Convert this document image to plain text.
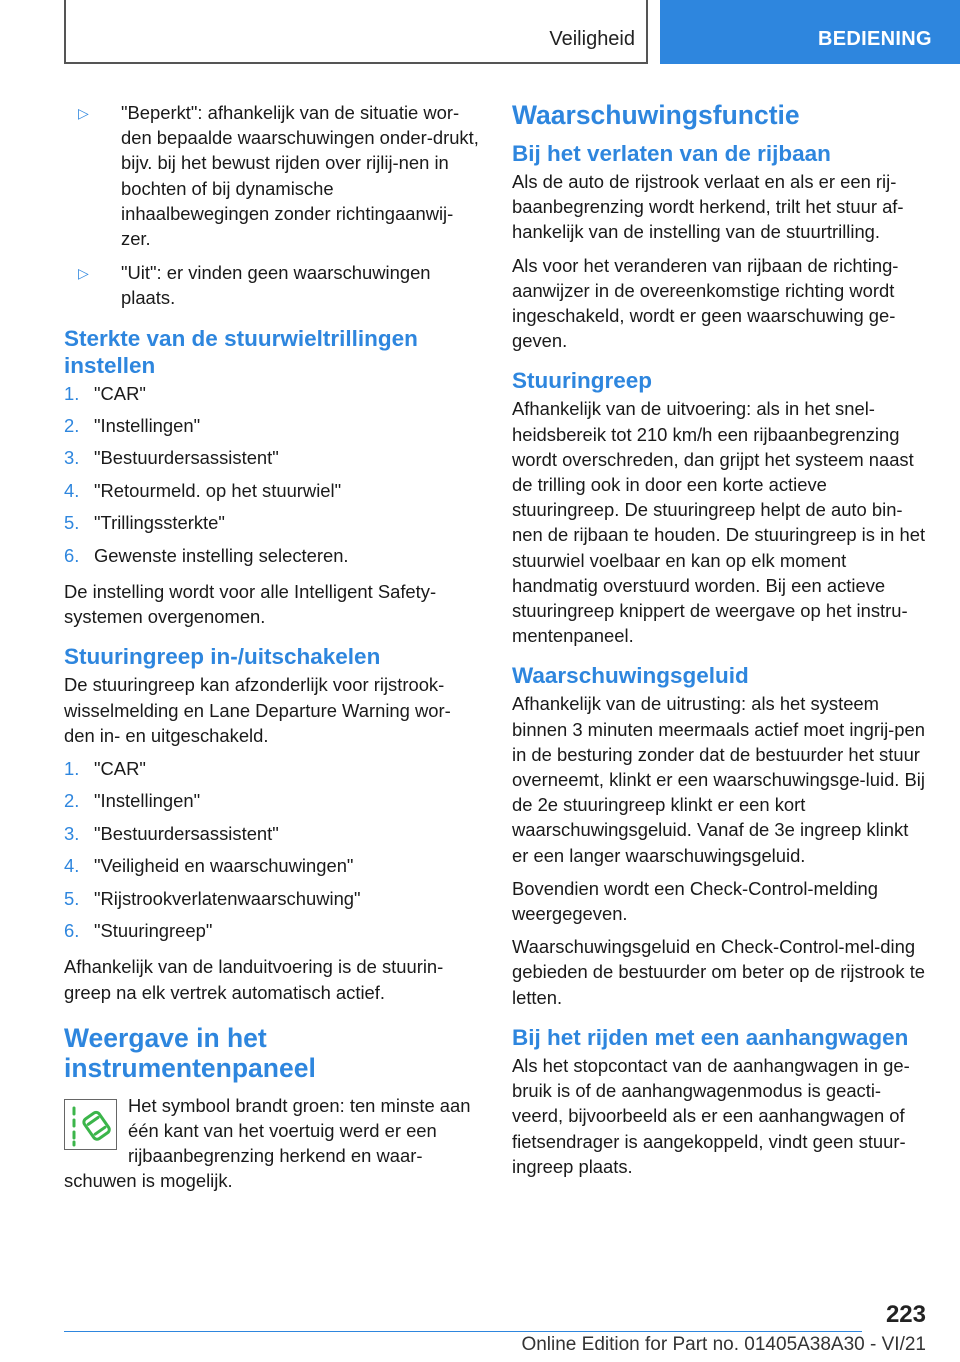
Veiligheid	BEDIENING
▷ "Beperkt": afhankelijk van de situatie wor-den bepaalde waarschuwingen onder-drukt, bijv. bij het bewust rijden over rijlij-nen in bochten of bij dynamische inhaalbewegingen zonder richtingaanwij-zer.
▷ "Uit": er vinden geen waarschuwingen plaats.
Sterkte van de stuurwieltrillingen instellen
1. "CAR"
2. "Instellingen"
3. "Bestuurdersassistent"
4. "Retourmeld. op het stuurwiel"
5. "Trillingssterkte"
6. Gewenste instelling selecteren.

De instelling wordt voor alle Intelligent Safety-systemen overgenomen.

Stuuringreep in-/uitschakelen

De stuuringreep kan afzonderlijk voor rijstrook-wisselmelding en Lane Departure Warning wor-den in- en uitgeschakeld.

1. "CAR"
2. "Instellingen"
3. "Bestuurdersassistent"
4. "Veiligheid en waarschuwingen"
5. "Rijstrookverlatenwaarschuwing"
6. "Stuuringreep"

Afhankelijk van de landuitvoering is de stuurin-greep na elk vertrek automatisch actief.

Weergave in het instrumentenpaneel
Het symbool brandt groen: ten minste aan één kant van het voertuig werd er een rijbaanbegrenzing herkend en waar-schuwen is mogelijk.
Waarschuwingsfunctie
Bij het verlaten van de rijbaan

Als de auto de rijstrook verlaat en als er een rij-baanbegrenzing wordt herkend, trilt het stuur af-hankelijk van de instelling van de stuurtrilling.

Als voor het veranderen van rijbaan de richting-aanwijzer in de overeenkomstige richting wordt ingeschakeld, wordt er geen waarschuwing ge-geven.

Stuuringreep

Afhankelijk van de uitvoering: als in het snel-heidsbereik tot 210 km/h een rijbaanbegrenzing wordt overschreden, dan grijpt het systeem naast de trilling ook in door een korte actieve stuuringreep. De stuuringreep helpt de auto bin-nen de rijbaan te houden. De stuuringreep is in het stuurwiel voelbaar en kan op elk moment handmatig overstuurd worden. Bij een actieve stuuringreep knippert de weergave op het instru-mentenpaneel.

Waarschuwingsgeluid

Afhankelijk van de uitrusting: als het systeem binnen 3 minuten meermaals actief moet ingrij-pen in de besturing zonder dat de bestuurder het stuur overneemt, klinkt er een waarschuwingsge-luid. Bij de 2e stuuringreep klinkt er een kort waarschuwingsgeluid. Vanaf de 3e ingreep klinkt er een langer waarschuwingsgeluid.

Bovendien wordt een Check-Control-melding weergegeven.

Waarschuwingsgeluid en Check-Control-mel-ding gebieden de bestuurder om beter op de rijstrook te letten.

Bij het rijden met een aanhangwagen

Als het stopcontact van de aanhangwagen in ge-bruik is of de aanhangwagenmodus is geacti-veerd, bijvoorbeeld als er een aanhangwagen of fietsendrager is aangekoppeld, vindt geen stuur-ingreep plaats.

223
Online Edition for Part no. 01405A38A30 - VI/21
